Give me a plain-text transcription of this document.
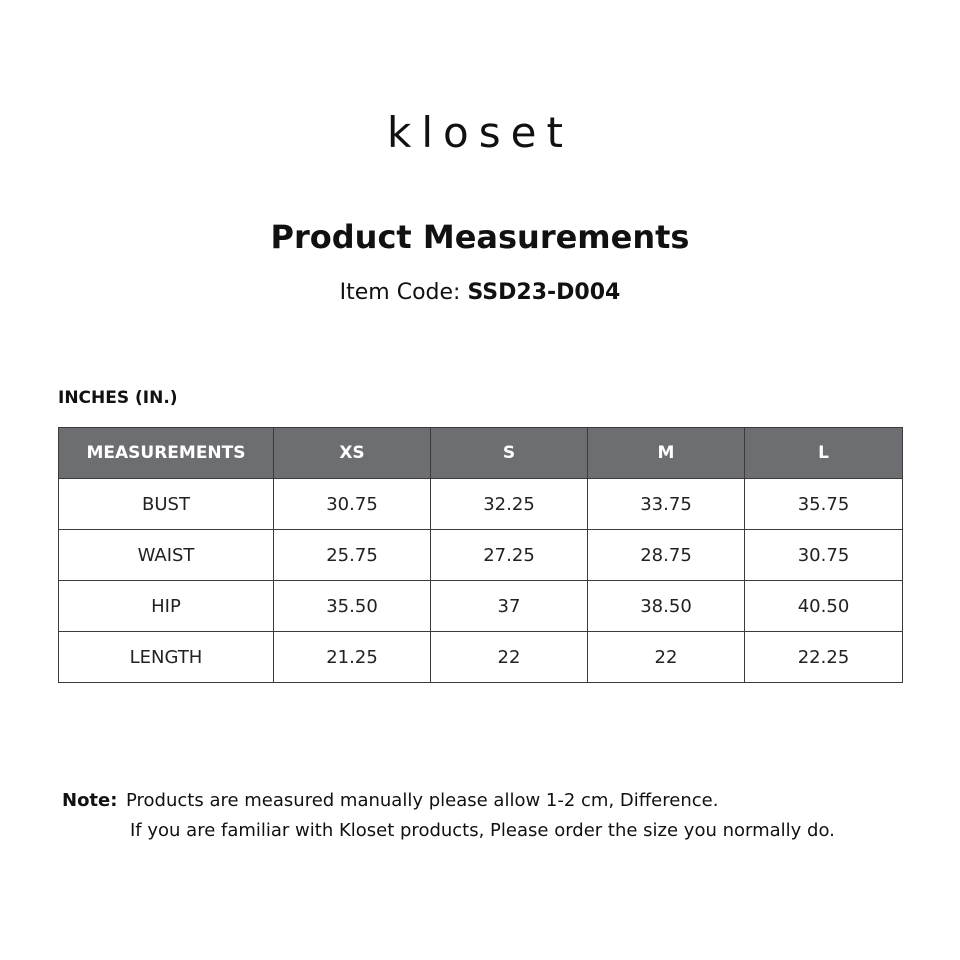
kloset
Product Measurements
Item Code: SSD23-D004
INCHES (IN.)
MEASUREMENTS	XS	S	M	L
BUST	30.75	32.25	33.75	35.75
WAIST	25.75	27.25	28.75	30.75
HIP	35.50	37	38.50	40.50
LENGTH	21.25	22	22	22.25
Note: Products are measured manually please allow 1-2 cm, Difference.
If you are familiar with Kloset products, Please order the size you normally do.
